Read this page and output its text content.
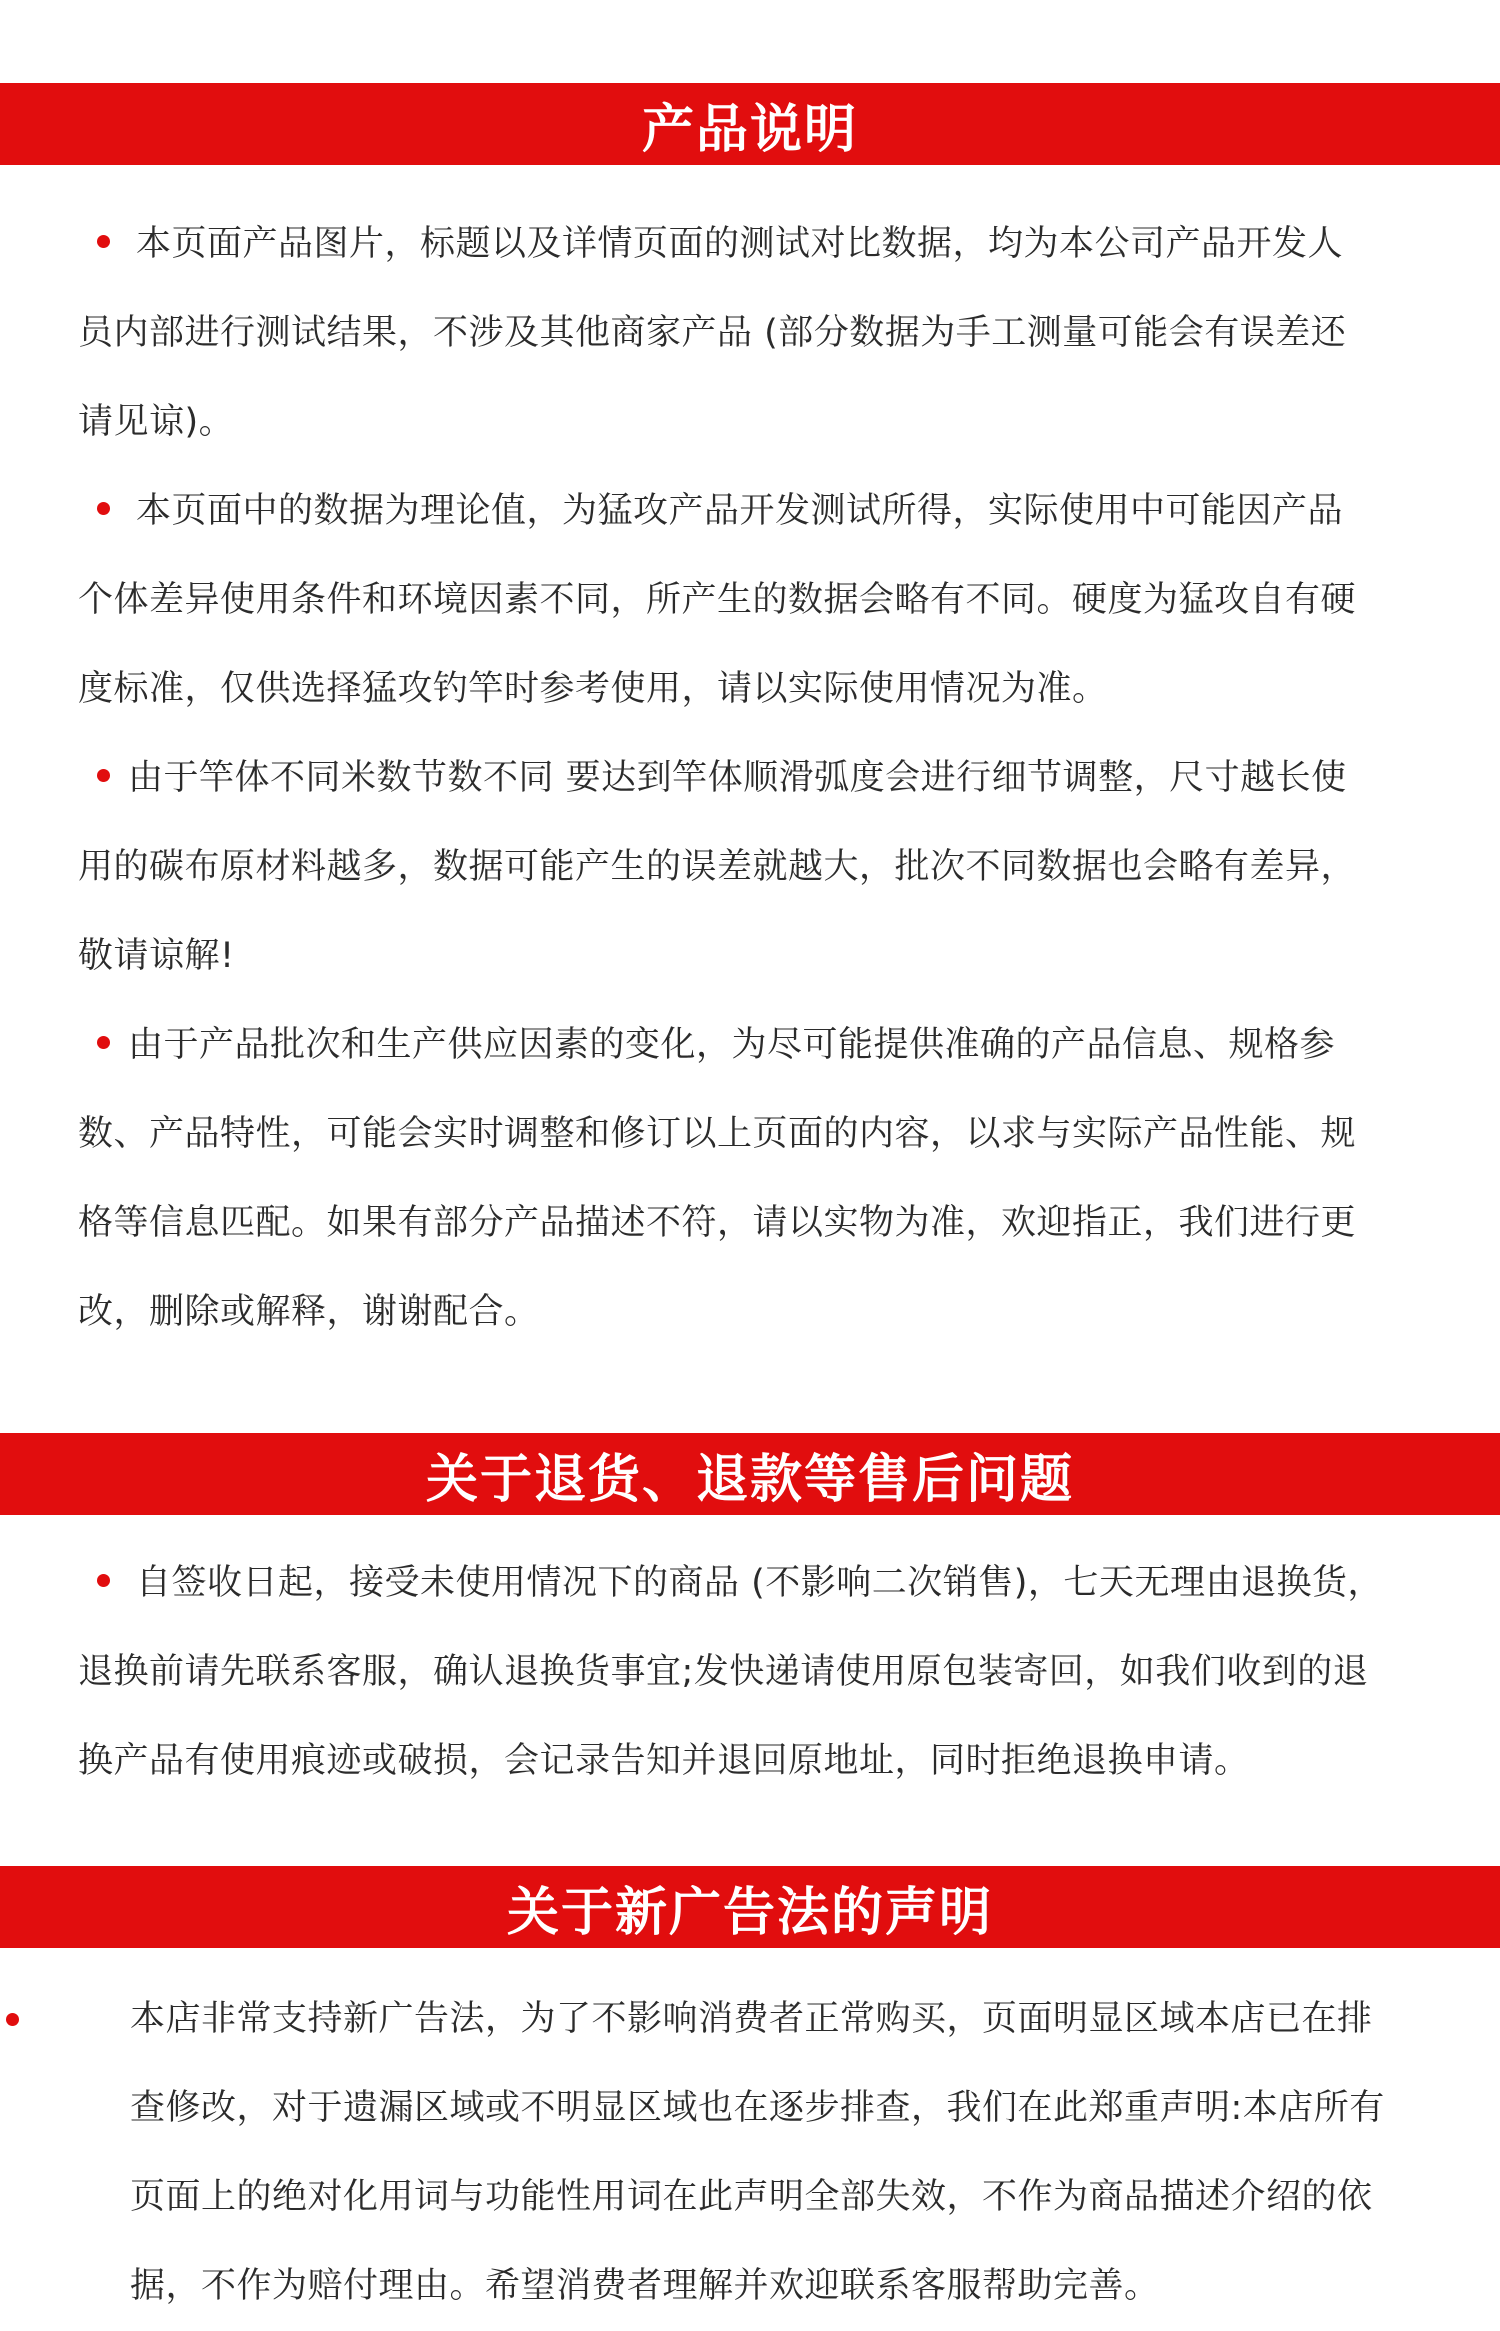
产品说明
本页面产品图片，标题以及详情页面的测试对比数据，均为本公司产品开发人
员内部进行测试结果，不涉及其他商家产品 (部分数据为手工测量可能会有误差还
请见谅)。
本页面中的数据为理论值，为猛攻产品开发测试所得，实际使用中可能因产品
个体差异使用条件和环境因素不同，所产生的数据会略有不同。硬度为猛攻自有硬
度标准，仅供选择猛攻钓竿时参考使用，请以实际使用情况为准。
由于竿体不同米数节数不同 要达到竿体顺滑弧度会进行细节调整，尺寸越长使
用的碳布原材料越多，数据可能产生的误差就越大，批次不同数据也会略有差异，
敬请谅解!
由于产品批次和生产供应因素的变化，为尽可能提供准确的产品信息、规格参
数、产品特性，可能会实时调整和修订以上页面的内容，以求与实际产品性能、规
格等信息匹配。如果有部分产品描述不符，请以实物为准，欢迎指正，我们进行更
改，删除或解释，谢谢配合。
关于退货、退款等售后问题
自签收日起，接受未使用情况下的商品 (不影响二次销售)，七天无理由退换货，
退换前请先联系客服，确认退换货事宜;发快递请使用原包装寄回，如我们收到的退
换产品有使用痕迹或破损，会记录告知并退回原地址，同时拒绝退换申请。
关于新广告法的声明
本店非常支持新广告法，为了不影响消费者正常购买，页面明显区域本店已在排
查修改，对于遗漏区域或不明显区域也在逐步排查，我们在此郑重声明:本店所有
页面上的绝对化用词与功能性用词在此声明全部失效，不作为商品描述介绍的依
据，不作为赔付理由。希望消费者理解并欢迎联系客服帮助完善。
